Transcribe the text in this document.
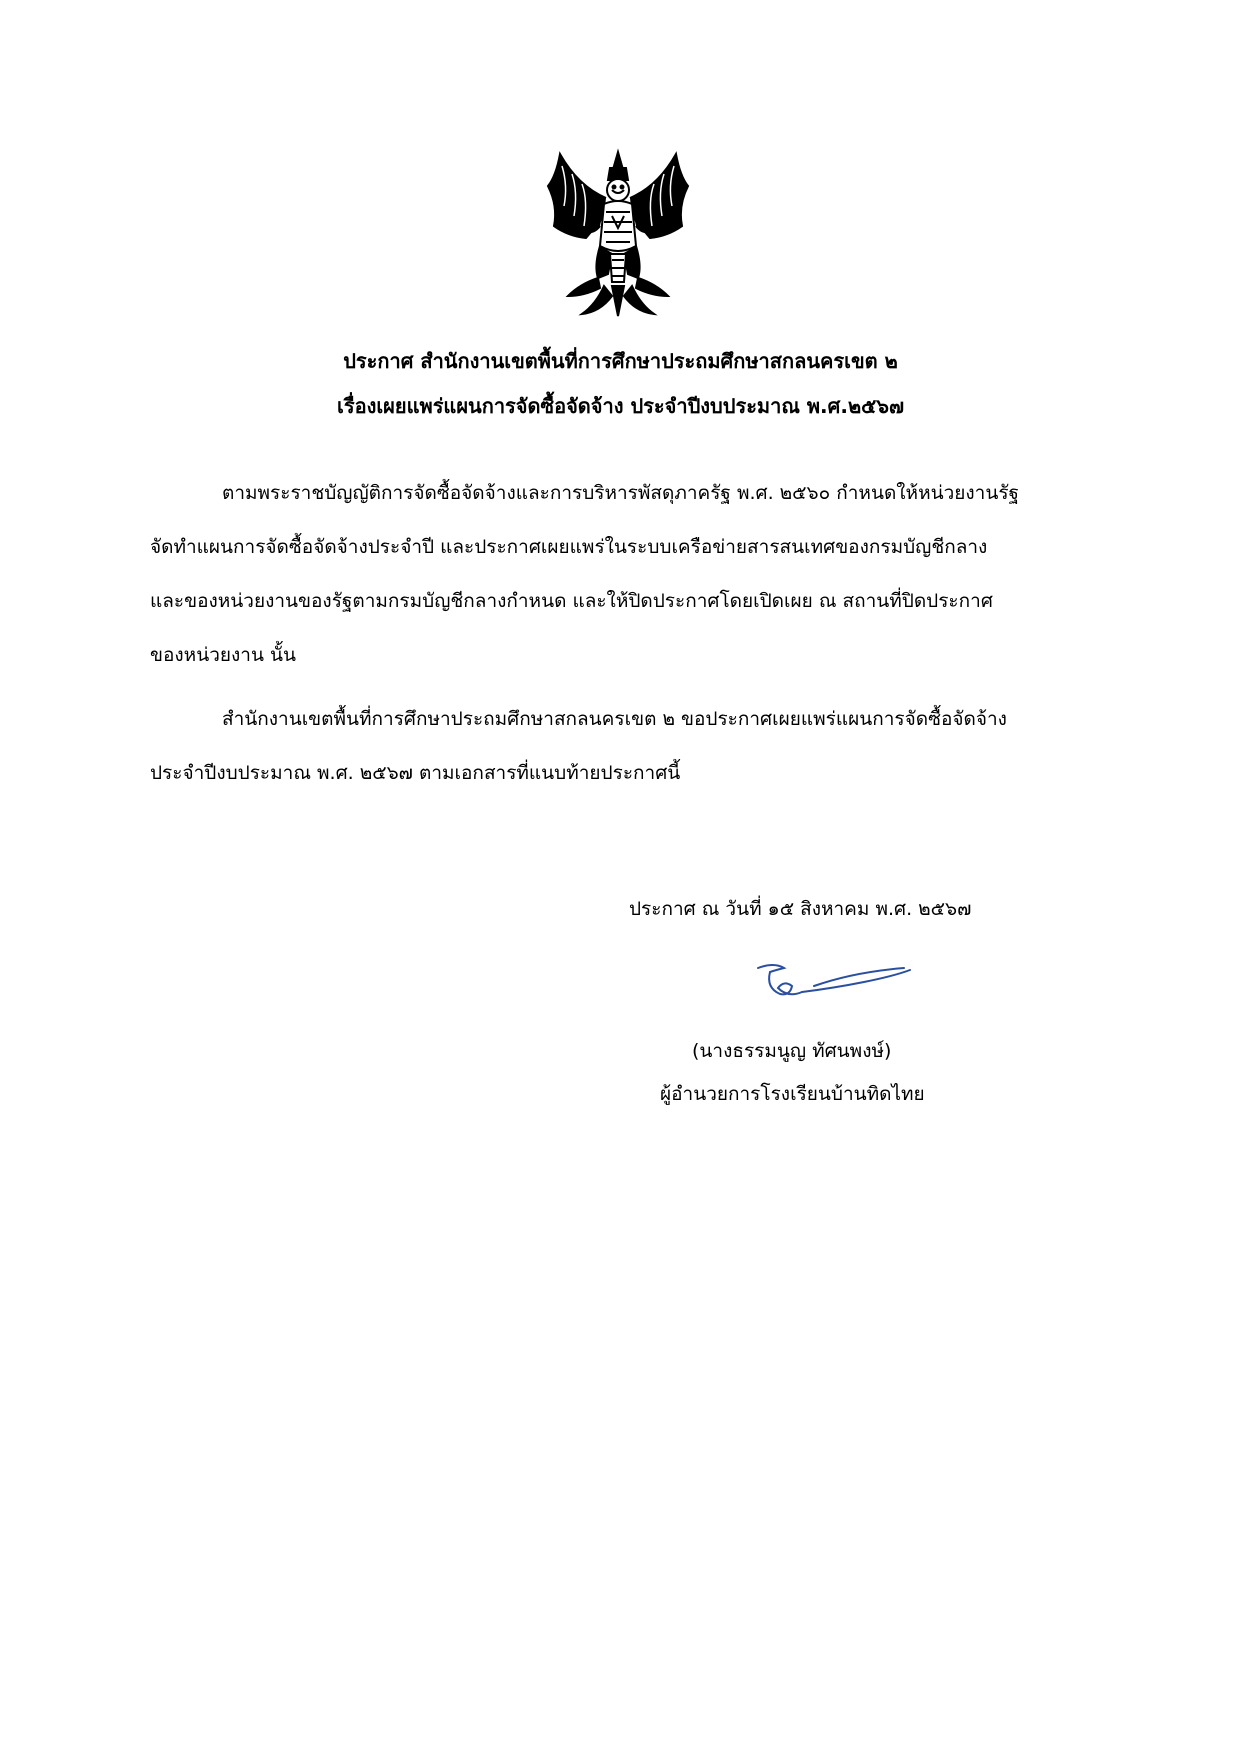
ประกาศ สำนักงานเขตพื้นที่การศึกษาประถมศึกษาสกลนครเขต ๒
เรื่องเผยแพร่แผนการจัดซื้อจัดจ้าง ประจำปีงบประมาณ พ.ศ.๒๕๖๗
ตามพระราชบัญญัติการจัดซื้อจัดจ้างและการบริหารพัสดุภาครัฐ พ.ศ. ๒๕๖๐ กำหนดให้หน่วยงานรัฐ
จัดทำแผนการจัดซื้อจัดจ้างประจำปี และประกาศเผยแพร่ในระบบเครือข่ายสารสนเทศของกรมบัญชีกลาง
และของหน่วยงานของรัฐตามกรมบัญชีกลางกำหนด และให้ปิดประกาศโดยเปิดเผย ณ สถานที่ปิดประกาศ
ของหน่วยงาน นั้น
สำนักงานเขตพื้นที่การศึกษาประถมศึกษาสกลนครเขต ๒ ขอประกาศเผยแพร่แผนการจัดซื้อจัดจ้าง
ประจำปีงบประมาณ พ.ศ. ๒๕๖๗ ตามเอกสารที่แนบท้ายประกาศนี้
ประกาศ ณ วันที่ ๑๕ สิงหาคม พ.ศ. ๒๕๖๗
(นางธรรมนูญ ทัศนพงษ์)
ผู้อำนวยการโรงเรียนบ้านทิดไทย
